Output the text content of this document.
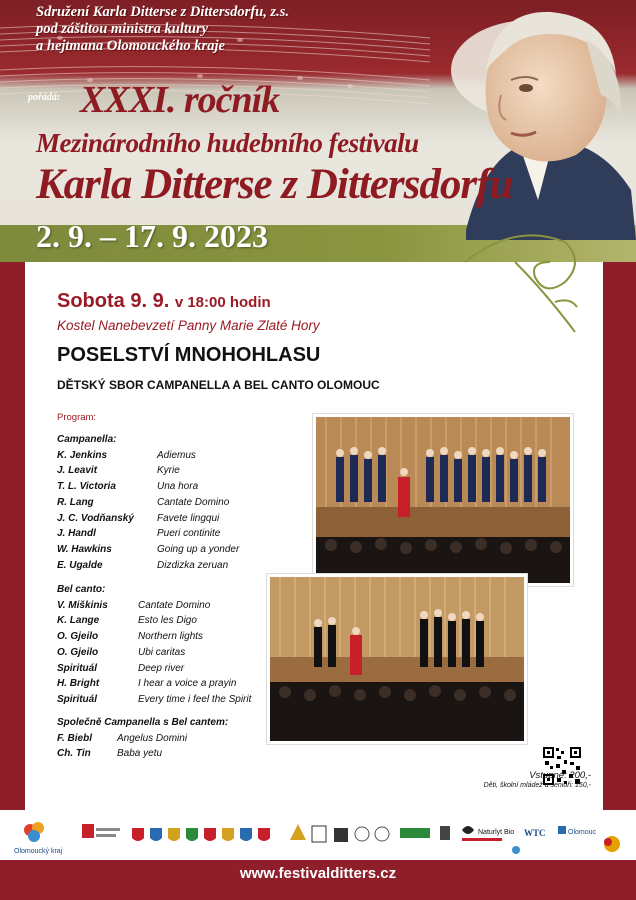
Sdružení Karla Ditterse z Dittersdorfu, z.s.
pod záštitou ministra kultury
a hejtmana Olomouckého kraje
pořádá: XXXI. ročník
Mezinárodního hudebního festivalu
Karla Ditterse z Dittersdorfu
2. 9. – 17. 9. 2023
Sobota 9. 9. v 18:00 hodin
Kostel Nanebevzetí Panny Marie Zlaté Hory
POSELSTVÍ MNOHOHLASU
DĚTSKÝ SBOR CAMPANELLA A BEL CANTO OLOMOUC
Program:
Campanella:
K. Jenkins	Adiemus
J. Leavit	Kyrie
T. L. Victoria	Una hora
R. Lang	Cantate Domino
J. C. Vodňanský	Favete lingqui
J. Handl	Pueri continite
W. Hawkins	Going up a yonder
E. Ugalde	Dizdizka zeruan
Bel canto:
V. Miškinis	Cantate Domino
K. Lange	Esto les Digo
O. Gjeilo	Northern lights
O. Gjeilo	Ubi caritas
Spirituál	Deep river
H. Bright	I hear a voice a prayin
Spirituál	Every time i feel the Spirit
Společně Campanella s Bel cantem:
F. Biebl	Angelus Domini
Ch. Tin	Baba yetu
Vstupné: 200,-
Děti, školní mládež a senioři: 150,-
Olomoucký kraj
Naturlyt Bio WTC	Olomouc
www.festivalditters.cz
